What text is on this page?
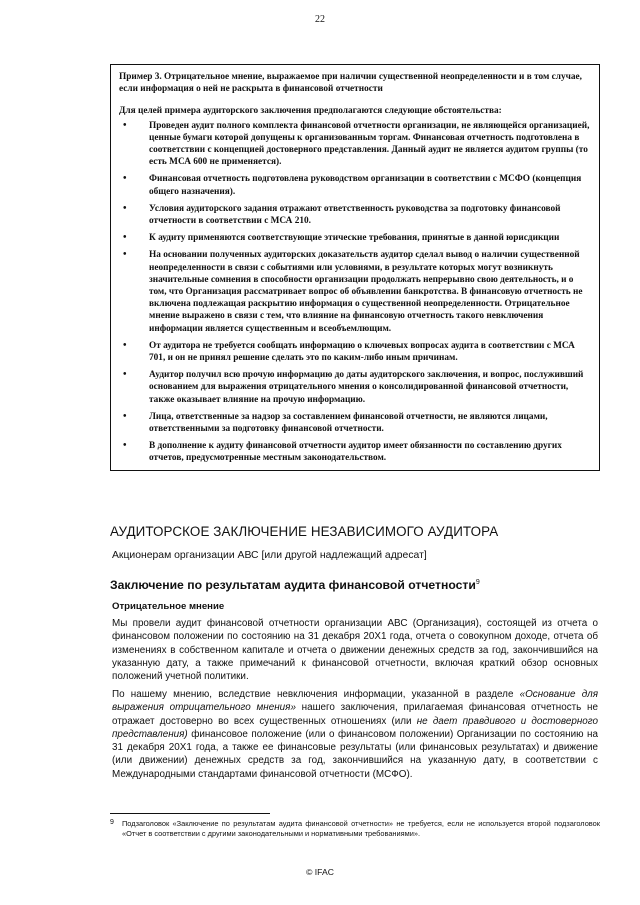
22

Пример 3. Отрицательное мнение, выражаемое при наличии существенной неопределенности и в том случае, если информация о ней не раскрыта в финансовой отчетности

Для целей примера аудиторского заключения предполагаются следующие обстоятельства:

• Проведен аудит полного комплекта финансовой отчетности организации, не являющейся организацией, ценные бумаги которой допущены к организованным торгам. Финансовая отчетность подготовлена в соответствии с концепцией достоверного представления. Данный аудит не является аудитом группы (то есть МСА 600 не применяется).
• Финансовая отчетность подготовлена руководством организации в соответствии с МСФО (концепция общего назначения).
• Условия аудиторского задания отражают ответственность руководства за подготовку финансовой отчетности в соответствии с МСА 210.
• К аудиту применяются соответствующие этические требования, принятые в данной юрисдикции
• На основании полученных аудиторских доказательств аудитор сделал вывод о наличии существенной неопределенности в связи с событиями или условиями, в результате которых могут возникнуть значительные сомнения в способности организации продолжать непрерывно свою деятельность, и о том, что Организация рассматривает вопрос об объявлении банкротства. В финансовую отчетность не включена подлежащая раскрытию информация о существенной неопределенности. Отрицательное мнение выражено в связи с тем, что влияние на финансовую отчетность такого невключения информации является существенным и всеобъемлющим.
• От аудитора не требуется сообщать информацию о ключевых вопросах аудита в соответствии с МСА 701, и он не принял решение сделать это по каким-либо иным причинам.
• Аудитор получил всю прочую информацию до даты аудиторского заключения, и вопрос, послуживший основанием для выражения отрицательного мнения о консолидированной финансовой отчетности, также оказывает влияние на прочую информацию.
• Лица, ответственные за надзор за составлением финансовой отчетности, не являются лицами, ответственными за подготовку финансовой отчетности.
• В дополнение к аудиту финансовой отчетности аудитор имеет обязанности по составлению других отчетов, предусмотренные местным законодательством.
АУДИТОРСКОЕ ЗАКЛЮЧЕНИЕ НЕЗАВИСИМОГО АУДИТОРА
Акционерам организации АВС [или другой надлежащий адресат]
Заключение по результатам аудита финансовой отчетности$^9$
Отрицательное мнение

Мы провели аудит финансовой отчетности организации АВС (Организация), состоящей из отчета о финансовом положении по состоянию на 31 декабря 20X1 года, отчета о совокупном доходе, отчета об изменениях в собственном капитале и отчета о движении денежных средств за год, закончившийся на указанную дату, а также примечаний к финансовой отчетности, включая краткий обзор основных положений учетной политики.

По нашему мнению, вследствие невключения информации, указанной в разделе «Основание для выражения отрицательного мнения» нашего заключения, прилагаемая финансовая отчетность не отражает достоверно во всех существенных отношениях (или не дает правдивого и достоверного представления) финансовое положение (или о финансовом положении) Организации по состоянию на 31 декабря 20X1 года, а также ее финансовые результаты (или финансовых результатах) и движение (или движении) денежных средств за год, закончившийся на указанную дату, в соответствии с Международными стандартами финансовой отчетности (МСФО).

9	Подзаголовок «Заключение по результатам аудита финансовой отчетности» не требуется, если не используется второй подзаголовок «Отчет в соответствии с другими законодательными и нормативными требованиями».
© IFAC
